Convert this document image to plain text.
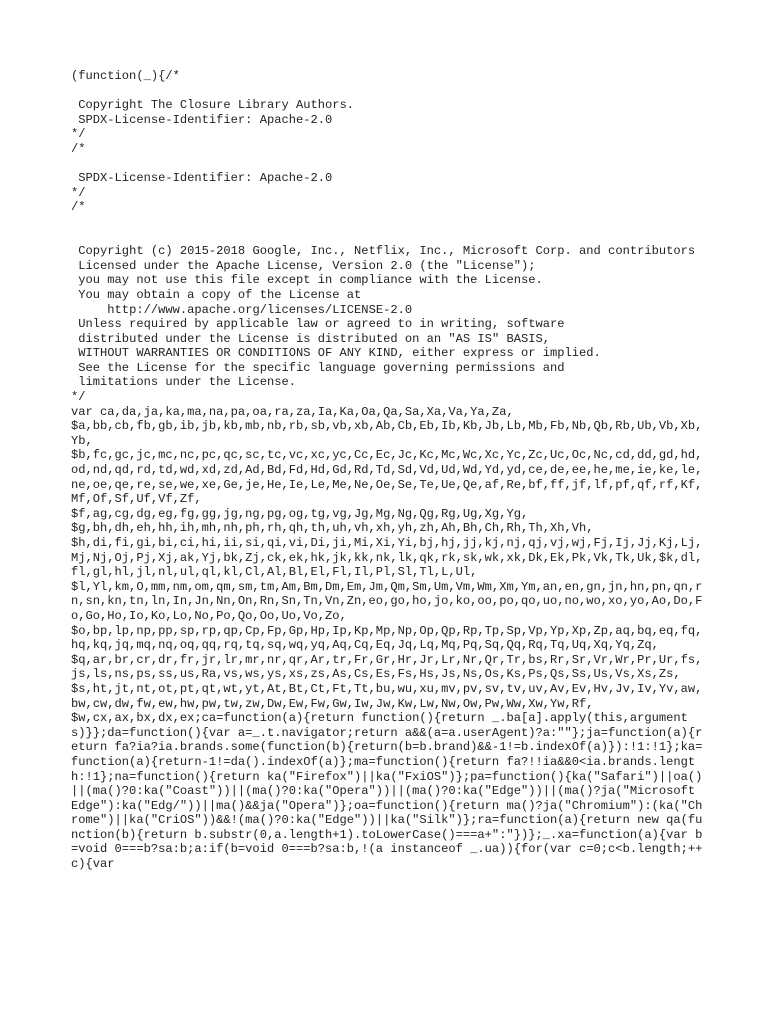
(function(_){/*
Copyright The Closure Library Authors.
SPDX-License-Identifier: Apache-2.0
*/
/*
SPDX-License-Identifier: Apache-2.0
*/
/*
Copyright (c) 2015-2018 Google, Inc., Netflix, Inc., Microsoft Corp. and contributors
Licensed under the Apache License, Version 2.0 (the "License");
you may not use this file except in compliance with the License.
You may obtain a copy of the License at
http://www.apache.org/licenses/LICENSE-2.0
Unless required by applicable law or agreed to in writing, software
distributed under the License is distributed on an "AS IS" BASIS,
WITHOUT WARRANTIES OR CONDITIONS OF ANY KIND, either express or implied.
See the License for the specific language governing permissions and
limitations under the License.
*/
var ca,da,ja,ka,ma,na,pa,oa,ra,za,Ia,Ka,Oa,Qa,Sa,Xa,Va,Ya,Za,
$a,bb,cb,fb,gb,ib,jb,kb,mb,nb,rb,sb,vb,xb,Ab,Cb,Eb,Ib,Kb,Jb,Lb,Mb,Fb,Nb,Qb,Rb,Ub,Vb,Xb,Yb,
$b,fc,gc,jc,mc,nc,pc,qc,sc,tc,vc,xc,yc,Cc,Ec,Jc,Kc,Mc,Wc,Xc,Yc,Zc,Uc,Oc,Nc,cd,dd,gd,hd,od,nd,qd,rd,td,wd,xd,zd,Ad,Bd,Fd,Hd,Gd,Rd,Td,Sd,Vd,Ud,Wd,Yd,yd,ce,de,ee,he,me,ie,ke,le,ne,oe,qe,re,se,we,xe,Ge,je,He,Ie,Le,Me,Ne,Oe,Se,Te,Ue,Qe,af,Re,bf,ff,jf,lf,pf,qf,rf,Kf,Mf,Of,Sf,Uf,Vf,Zf,
$f,ag,cg,dg,eg,fg,gg,jg,ng,pg,og,tg,vg,Jg,Mg,Ng,Qg,Rg,Ug,Xg,Yg,
$g,bh,dh,eh,hh,ih,mh,nh,ph,rh,qh,th,uh,vh,xh,yh,zh,Ah,Bh,Ch,Rh,Th,Xh,Vh,
$h,di,fi,gi,bi,ci,hi,ii,si,qi,vi,Di,ji,Mi,Xi,Yi,bj,hj,jj,kj,nj,qj,vj,wj,Fj,Ij,Jj,Kj,Lj,Mj,Nj,Oj,Pj,Xj,ak,Yj,bk,Zj,ck,ek,hk,jk,kk,nk,lk,qk,rk,sk,wk,xk,Dk,Ek,Pk,Vk,Tk,Uk,$k,dl,fl,gl,hl,jl,nl,ul,ql,kl,Cl,Al,Bl,El,Fl,Il,Pl,Sl,Tl,L,Ul,
$l,Yl,km,O,mm,nm,om,qm,sm,tm,Am,Bm,Dm,Em,Jm,Qm,Sm,Um,Vm,Wm,Xm,Ym,an,en,gn,jn,hn,pn,qn,rn,sn,kn,tn,ln,In,Jn,Nn,On,Rn,Sn,Tn,Vn,Zn,eo,go,ho,jo,ko,oo,po,qo,uo,no,wo,xo,yo,Ao,Do,Fo,Go,Ho,Io,Ko,Lo,No,Po,Qo,Oo,Uo,Vo,Zo,
$o,bp,lp,np,pp,sp,rp,qp,Cp,Fp,Gp,Hp,Ip,Kp,Mp,Np,Op,Qp,Rp,Tp,Sp,Vp,Yp,Xp,Zp,aq,bq,eq,fq,hq,kq,jq,mq,nq,oq,qq,rq,tq,sq,wq,yq,Aq,Cq,Eq,Jq,Lq,Mq,Pq,Sq,Qq,Rq,Tq,Uq,Xq,Yq,Zq,
$q,ar,br,cr,dr,fr,jr,lr,mr,nr,qr,Ar,tr,Fr,Gr,Hr,Jr,Lr,Nr,Qr,Tr,bs,Rr,Sr,Vr,Wr,Pr,Ur,fs,js,ls,ns,ps,ss,us,Ra,vs,ws,ys,xs,zs,As,Cs,Es,Fs,Hs,Js,Ns,Os,Ks,Ps,Qs,Ss,Us,Vs,Xs,Zs,
$s,ht,jt,nt,ot,pt,qt,wt,yt,At,Bt,Ct,Ft,Tt,bu,wu,xu,mv,pv,sv,tv,uv,Av,Ev,Hv,Jv,Iv,Yv,aw,bw,cw,dw,fw,ew,hw,pw,tw,zw,Dw,Ew,Fw,Gw,Iw,Jw,Kw,Lw,Nw,Ow,Pw,Ww,Xw,Yw,Rf,
$w,cx,ax,bx,dx,ex;ca=function(a){return function(){return _.ba[a].apply(this,arguments)}};da=function(){var a=_.t.navigator;return a&&(a=a.userAgent)?a:""};ja=function(a){return fa?ia?ia.brands.some(function(b){return(b=b.brand)&&-1!=b.indexOf(a)}):!1:!1};ka=function(a){return-1!=da().indexOf(a)};ma=function(){return fa?!!ia&&0<ia.brands.length:!1};na=function(){return ka("Firefox")||ka("FxiOS")};pa=function(){ka("Safari")||oa()||(ma()?0:ka("Coast"))||(ma()?0:ka("Opera"))||(ma()?0:ka("Edge"))||(ma()?ja("Microsoft Edge"):ka("Edg/"))||ma()&&ja("Opera")};oa=function(){return ma()?ja("Chromium"):(ka("Chrome")||ka("CriOS"))&&!(ma()?0:ka("Edge"))||ka("Silk")};ra=function(a){return new qa(function(b){return b.substr(0,a.length+1).toLowerCase()===a+":"})};_.xa=function(a){var b=void 0===b?sa:b;a:if(b=void 0===b?sa:b,!(a instanceof _.ua)){for(var c=0;c<b.length;++c){var
